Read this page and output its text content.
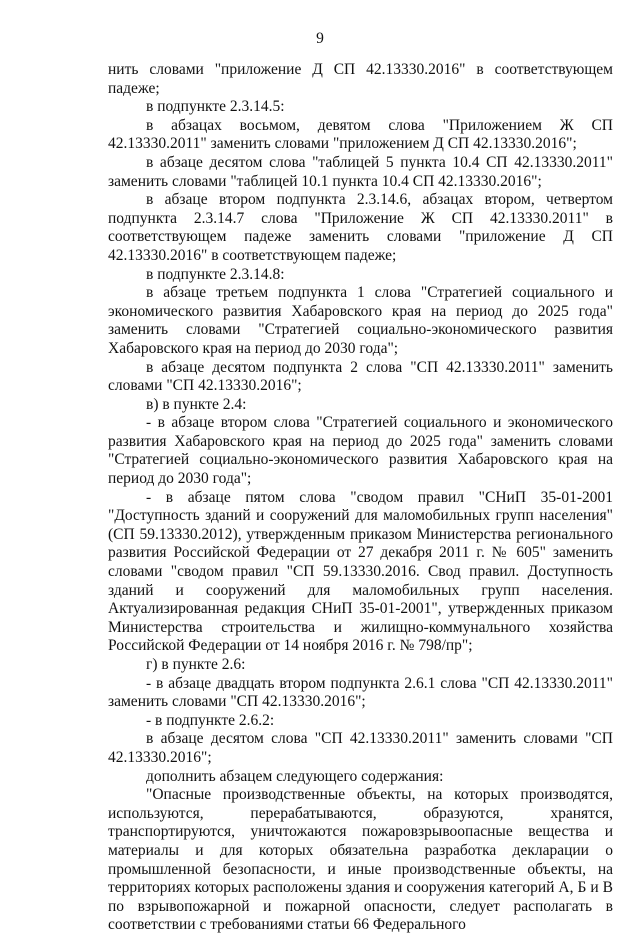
9

нить словами "приложение Д СП 42.13330.2016" в соответствующем падеже;

в подпункте 2.3.14.5:

в абзацах восьмом, девятом слова "Приложением Ж СП 42.13330.2011" заменить словами "приложением Д СП 42.13330.2016";

в абзаце десятом слова "таблицей 5 пункта 10.4 СП 42.13330.2011" заменить словами "таблицей 10.1 пункта 10.4 СП 42.13330.2016";

в абзаце втором подпункта 2.3.14.6, абзацах втором, четвертом подпункта 2.3.14.7 слова "Приложение Ж СП 42.13330.2011" в соответствующем падеже заменить словами "приложение Д СП 42.13330.2016" в соответствующем падеже;

в подпункте 2.3.14.8:

в абзаце третьем подпункта 1 слова "Стратегией социального и экономического развития Хабаровского края на период до 2025 года" заменить словами "Стратегией социально-экономического развития Хабаровского края на период до 2030 года";

в абзаце десятом подпункта 2 слова "СП 42.13330.2011" заменить словами "СП 42.13330.2016";

в) в пункте 2.4:

- в абзаце втором слова "Стратегией социального и экономического развития Хабаровского края на период до 2025 года" заменить словами "Стратегией социально-экономического развития Хабаровского края на период до 2030 года";

- в абзаце пятом слова "сводом правил "СНиП 35-01-2001 "Доступность зданий и сооружений для маломобильных групп населения" (СП 59.13330.2012), утвержденным приказом Министерства регионального развития Российской Федерации от 27 декабря 2011 г. № 605" заменить словами "сводом правил "СП 59.13330.2016. Свод правил. Доступность зданий и сооружений для маломобильных групп населения. Актуализированная редакция СНиП 35-01-2001", утвержденных приказом Министерства строительства и жилищно-коммунального хозяйства Российской Федерации от 14 ноября 2016 г. № 798/пр";

г) в пункте 2.6:

- в абзаце двадцать втором подпункта 2.6.1 слова "СП 42.13330.2011" заменить словами "СП 42.13330.2016";

- в подпункте 2.6.2:

в абзаце десятом слова "СП 42.13330.2011" заменить словами "СП 42.13330.2016";

дополнить абзацем следующего содержания:

"Опасные производственные объекты, на которых производятся, используются, перерабатываются, образуются, хранятся, транспортируются, уничтожаются пожаровзрывоопасные вещества и материалы и для которых обязательна разработка декларации о промышленной безопасности, и иные производственные объекты, на территориях которых расположены здания и сооружения категорий А, Б и В по взрывопожарной и пожарной опасности, следует располагать в соответствии с требованиями статьи 66 Федерального
